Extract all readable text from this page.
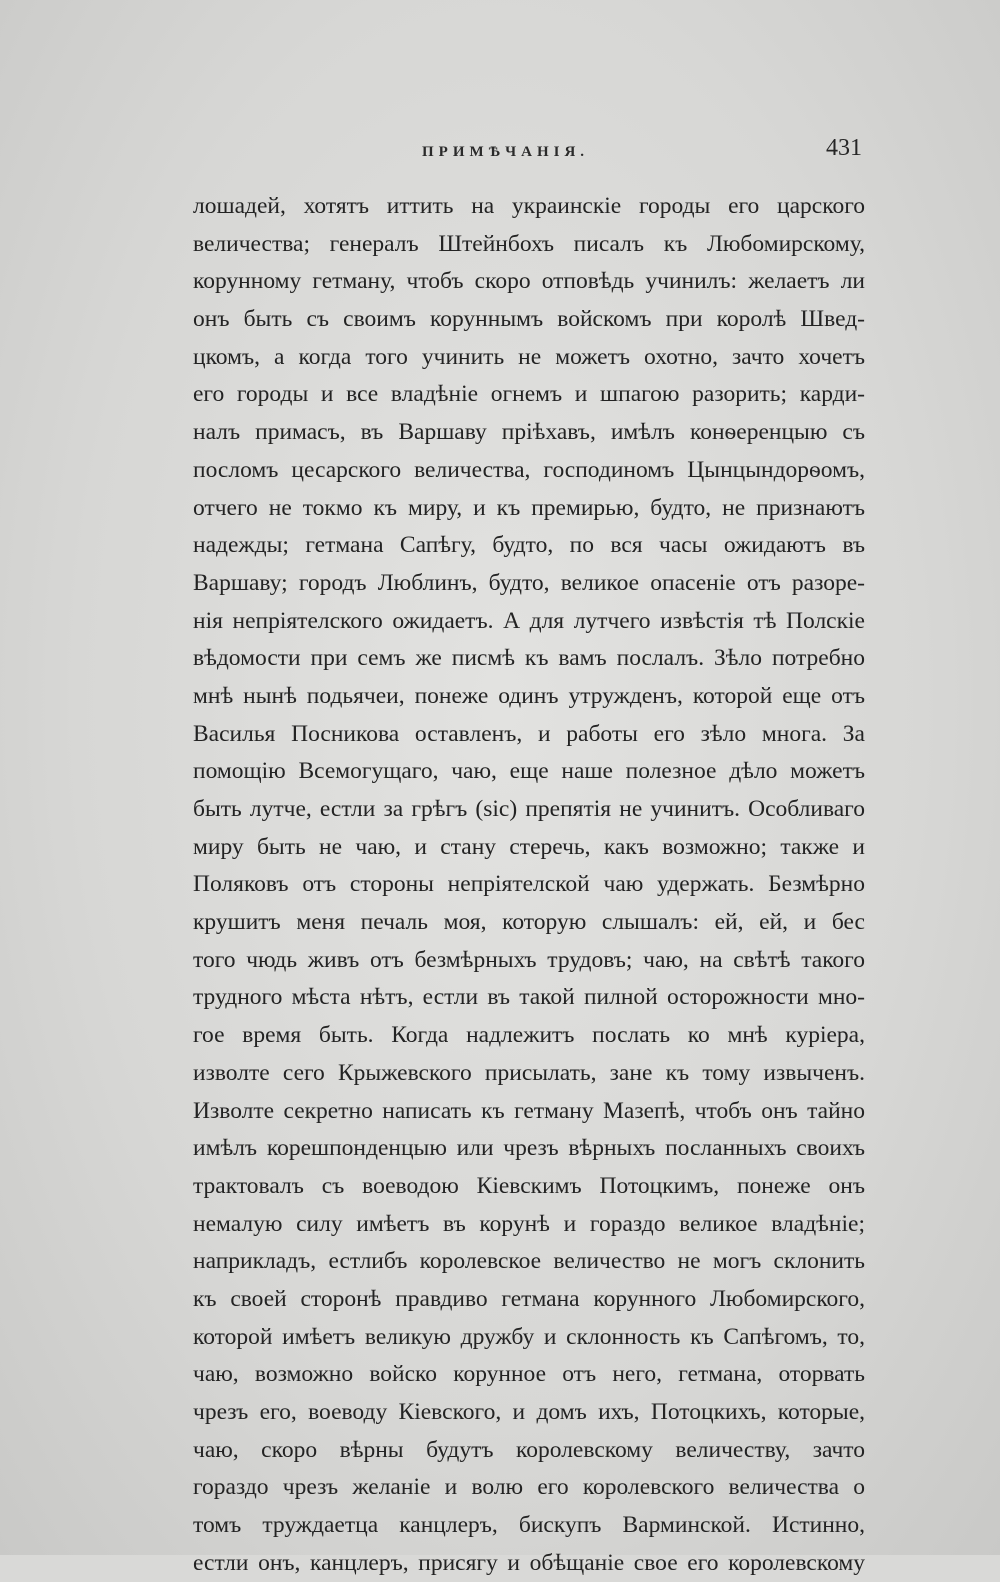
ПРИМѢЧАНІЯ.	431
лошадей, хотятъ иттить на украинскіе городы его царского
величества; генералъ Штейнбохъ писалъ къ Любомирскому,
корунному гетману, чтобъ скоро отповѣдь учинилъ: желаетъ ли
онъ быть съ своимъ коруннымъ войскомъ при королѣ Швед-
цкомъ, а когда того учинить не можетъ охотно, зачто хочетъ
его городы и все владѣніе огнемъ и шпагою разорить; карди-
налъ примасъ, въ Варшаву пріѣхавъ, имѣлъ конѳеренцыю съ
посломъ цесарского величества, господиномъ Цынцындорѳомъ,
отчего не токмо къ миру, и къ премирью, будто, не признаютъ
надежды; гетмана Сапѣгу, будто, по вся часы ожидаютъ въ
Варшаву; городъ Люблинъ, будто, великое опасеніе отъ разоре-
нія непріятелского ожидаетъ. А для лутчего извѣстія тѣ Полскіе
вѣдомости при семъ же писмѣ къ вамъ послалъ. Зѣло потребно
мнѣ нынѣ подьячеи, понеже одинъ утружденъ, которой еще отъ
Василья Посникова оставленъ, и работы его зѣло многа. За
помощію Всемогущаго, чаю, еще наше полезное дѣло можетъ
быть лутче, естли за грѣгъ (sic) препятія не учинитъ. Особливаго
миру быть не чаю, и стану стеречь, какъ возможно; также и
Поляковъ отъ стороны непріятелской чаю удержать. Безмѣрно
крушитъ меня печаль моя, которую слышалъ: ей, ей, и бес
того чюдь живъ отъ безмѣрныхъ трудовъ; чаю, на свѣтѣ такого
трудного мѣста нѣтъ, естли въ такой пилной осторожности мно-
гое время быть. Когда надлежитъ послать ко мнѣ куріера,
изволте сего Крыжевского присылать, зане къ тому извыченъ.
Изволте секретно написать къ гетману Мазепѣ, чтобъ онъ тайно
имѣлъ корешпонденцыю или чрезъ вѣрныхъ посланныхъ своихъ
трактовалъ съ воеводою Кіевскимъ Потоцкимъ, понеже онъ
немалую силу имѣетъ въ корунѣ и гораздо великое владѣніе;
наприкладъ, естлибъ королевское величество не могъ склонить
къ своей сторонѣ правдиво гетмана корунного Любомирского,
которой имѣетъ великую дружбу и склонность къ Сапѣгомъ, то,
чаю, возможно войско корунное отъ него, гетмана, оторвать
чрезъ его, воеводу Кіевского, и домъ ихъ, Потоцкихъ, которые,
чаю, скоро вѣрны будутъ королевскому величеству, зачто
гораздо чрезъ желаніе и волю его королевского величества о
томъ труждаетца канцлеръ, бискупъ Варминской. Истинно,
естли онъ, канцлеръ, присягу и обѣщаніе свое его королевскому
